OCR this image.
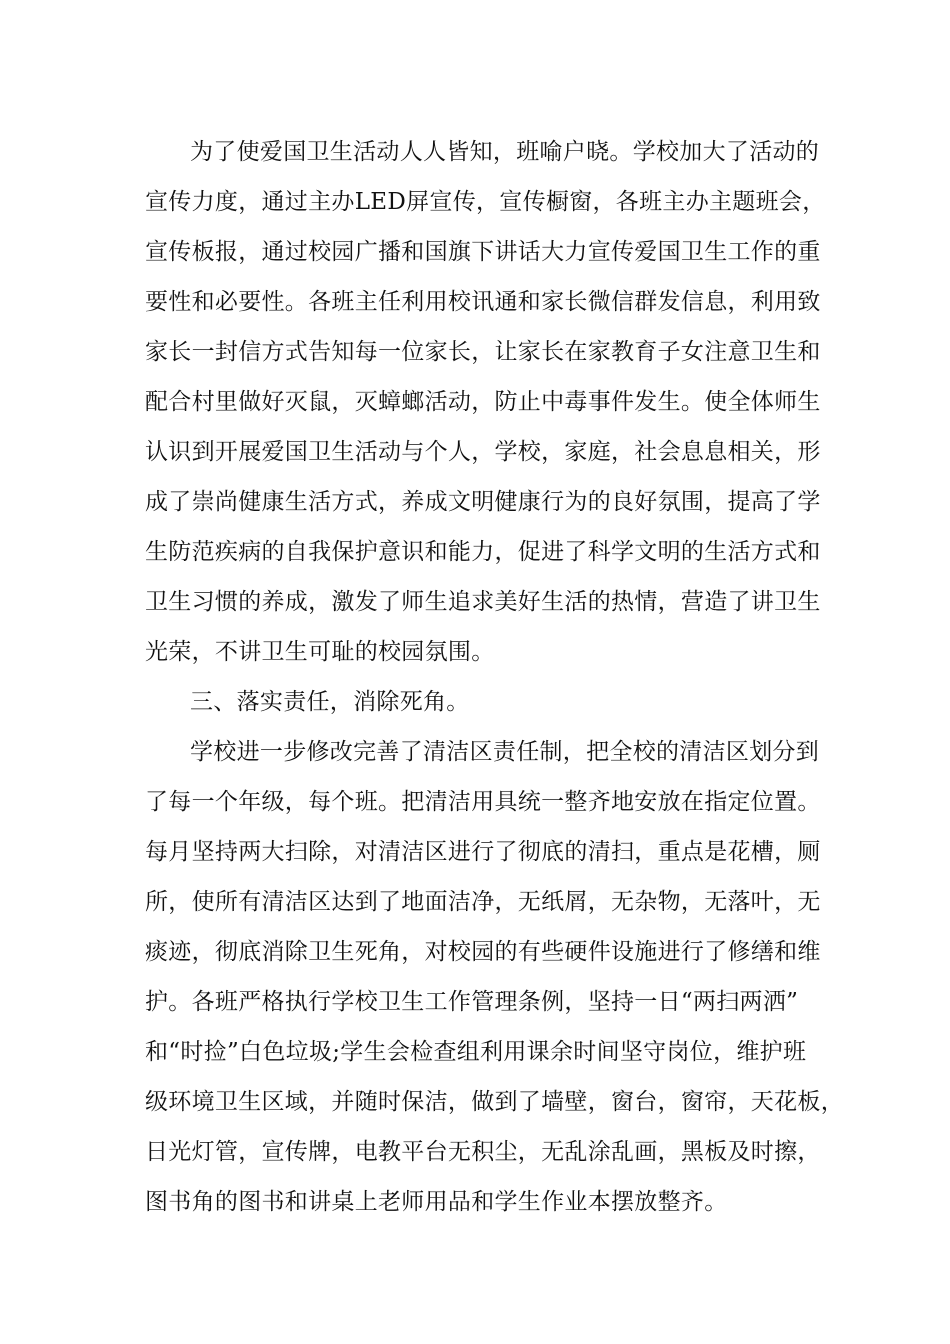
为了使爱国卫生活动人人皆知，班喻户晓。学校加大了活动的
宣传力度，通过主办LED屏宣传，宣传橱窗，各班主办主题班会，
宣传板报，通过校园广播和国旗下讲话大力宣传爱国卫生工作的重
要性和必要性。各班主任利用校讯通和家长微信群发信息，利用致
家长一封信方式告知每一位家长，让家长在家教育子女注意卫生和
配合村里做好灭鼠，灭蟑螂活动，防止中毒事件发生。使全体师生
认识到开展爱国卫生活动与个人，学校，家庭，社会息息相关，形
成了崇尚健康生活方式，养成文明健康行为的良好氛围，提高了学
生防范疾病的自我保护意识和能力，促进了科学文明的生活方式和
卫生习惯的养成，激发了师生追求美好生活的热情，营造了讲卫生
光荣，不讲卫生可耻的校园氛围。
三、落实责任，消除死角。
学校进一步修改完善了清洁区责任制，把全校的清洁区划分到
了每一个年级，每个班。把清洁用具统一整齐地安放在指定位置。
每月坚持两大扫除，对清洁区进行了彻底的清扫，重点是花槽，厕
所，使所有清洁区达到了地面洁净，无纸屑，无杂物，无落叶，无
痰迹，彻底消除卫生死角，对校园的有些硬件设施进行了修缮和维
护。各班严格执行学校卫生工作管理条例，坚持一日“两扫两洒”
和“时捡”白色垃圾;学生会检查组利用课余时间坚守岗位，维护班
级环境卫生区域，并随时保洁，做到了墙壁，窗台，窗帘，天花板，
日光灯管，宣传牌，电教平台无积尘，无乱涂乱画，黑板及时擦，
图书角的图书和讲桌上老师用品和学生作业本摆放整齐。
